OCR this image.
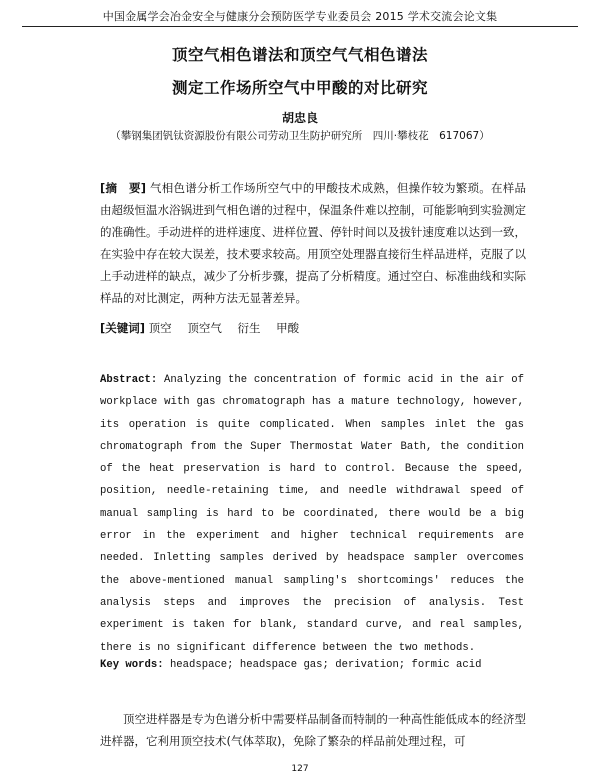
中国金属学会冶金安全与健康分会预防医学专业委员会 2015 学术交流会论文集
顶空气相色谱法和顶空气气相色谱法
测定工作场所空气中甲酸的对比研究
胡忠良
（攀钢集团钒钛资源股份有限公司劳动卫生防护研究所　四川·攀枝花　617067）
[摘　要] 气相色谱分析工作场所空气中的甲酸技术成熟，但操作较为繁琐。在样品由超级恒温水浴锅进到气相色谱的过程中，保温条件难以控制，可能影响到实验测定的准确性。手动进样的进样速度、进样位置、停针时间以及拔针速度难以达到一致，在实验中存在较大误差，技术要求较高。用顶空处理器直接衍生样品进样，克服了以上手动进样的缺点，减少了分析步骤，提高了分析精度。通过空白、标准曲线和实际样品的对比测定，两种方法无显著差异。
[关键词] 顶空 顶空气 衍生 甲酸
Abstract: Analyzing the concentration of formic acid in the air of workplace with gas chromatograph has a mature technology, however, its operation is quite complicated. When samples inlet the gas chromatograph from the Super Thermostat Water Bath, the condition of the heat preservation is hard to control. Because the speed, position, needle-retaining time, and needle withdrawal speed of manual sampling is hard to be coordinated, there would be a big error in the experiment and higher technical requirements are needed. Inletting samples derived by headspace sampler overcomes the above-mentioned manual sampling's shortcomings' reduces the analysis steps and improves the precision of analysis. Test experiment is taken for blank, standard curve, and real samples, there is no significant difference between the two methods.
Key words: headspace; headspace gas; derivation; formic acid
顶空进样器是专为色谱分析中需要样品制备而特制的一种高性能低成本的经济型进样器，它利用顶空技术(气体萃取)，免除了繁杂的样品前处理过程，可
127
